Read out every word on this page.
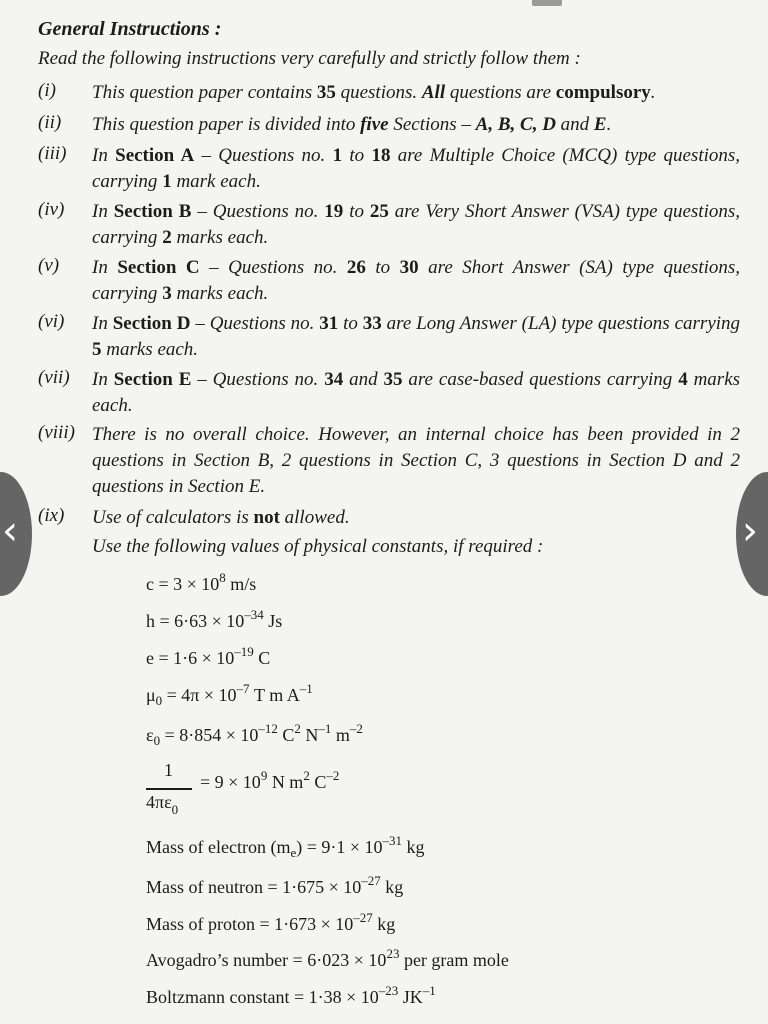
General Instructions :
Read the following instructions very carefully and strictly follow them :
(i) This question paper contains 35 questions. All questions are compulsory.
(ii) This question paper is divided into five Sections – A, B, C, D and E.
(iii) In Section A – Questions no. 1 to 18 are Multiple Choice (MCQ) type questions, carrying 1 mark each.
(iv) In Section B – Questions no. 19 to 25 are Very Short Answer (VSA) type questions, carrying 2 marks each.
(v) In Section C – Questions no. 26 to 30 are Short Answer (SA) type questions, carrying 3 marks each.
(vi) In Section D – Questions no. 31 to 33 are Long Answer (LA) type questions carrying 5 marks each.
(vii) In Section E – Questions no. 34 and 35 are case-based questions carrying 4 marks each.
(viii) There is no overall choice. However, an internal choice has been provided in 2 questions in Section B, 2 questions in Section C, 3 questions in Section D and 2 questions in Section E.
(ix) Use of calculators is not allowed.
Use the following values of physical constants, if required :
$c = 3 \times 10^8$ m/s
$h = 6\cdot 63 \times 10^{-34}$ Js
$e = 1\cdot 6 \times 10^{-19}$ C
$\mu_0 = 4\pi \times 10^{-7}$ T m $A^{-1}$
$\varepsilon_0 = 8\cdot 854 \times 10^{-12}$ $C^2$ $N^{-1}$ $m^{-2}$
1
$4\pi\varepsilon_0$
= $9 \times 10^9$ N $m^2$ $C^{-2}$
Mass of electron $(m_e) = 9\cdot 1 \times 10^{-31}$ kg
Mass of neutron = $1\cdot 675 \times 10^{-27}$ kg
Mass of proton = $1\cdot 673 \times 10^{-27}$ kg
Avogadro’s number = $6\cdot 023 \times 10^{23}$ per gram mole
Boltzmann constant = $1\cdot 38 \times 10^{-23}$ $JK^{-1}$
‹	›
